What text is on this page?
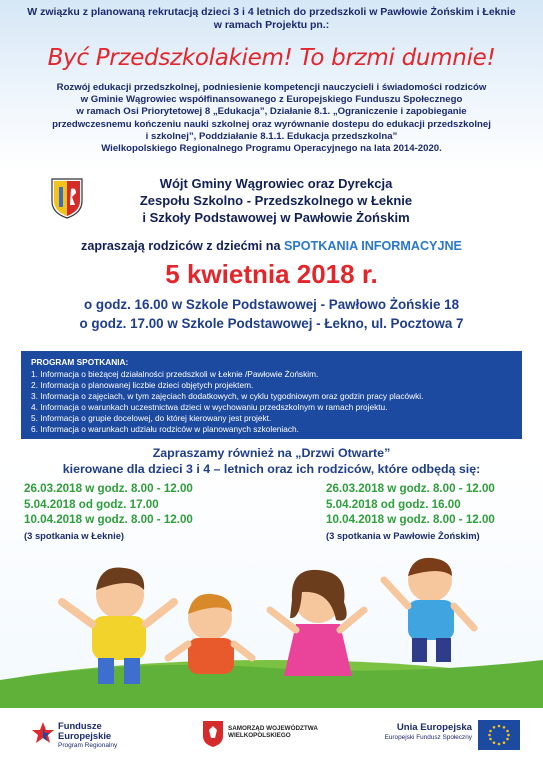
W związku z planowaną rekrutacją dzieci 3 i 4 letnich do przedszkoli w Pawłowie Żońskim i Łeknie
w ramach Projektu pn.:
Być Przedszkolakiem! To brzmi dumnie!
Rozwój edukacji przedszkolnej, podniesienie kompetencji nauczycieli i świadomości rodziców
w Gminie Wągrowiec współfinansowanego z Europejskiego Funduszu Społecznego
w ramach Osi Priorytetowej 8 „Edukacja”, Działanie 8.1. „Ograniczenie i zapobieganie
przedwczesnemu kończeniu nauki szkolnej oraz wyrównanie dostepu do edukacji przedszkolnej
i szkolnej”, Poddziałanie 8.1.1. Edukacja przedszkolna”
Wielkopolskiego Regionalnego Programu Operacyjnego na lata 2014-2020.
Wójt Gminy Wągrowiec oraz Dyrekcja
Zespołu Szkolno - Przedszkolnego w Łeknie
i Szkoły Podstawowej w Pawłowie Żońskim
zapraszają rodziców z dziećmi na SPOTKANIA INFORMACYJNE
5 kwietnia 2018 r.
o godz. 16.00 w Szkole Podstawowej - Pawłowo Żońskie 18
o godz. 17.00 w Szkole Podstawowej - Łekno, ul. Pocztowa 7
PROGRAM SPOTKANIA:
1. Informacja o bieżącej działalności przedszkoli w Łeknie /Pawłowie Żońskim.
2. Informacja o planowanej liczbie dzieci objętych projektem.
3. Informacja o zajęciach, w tym zajęciach dodatkowych, w cyklu tygodniowym oraz godzin pracy placówki.
4. Informacja o warunkach uczestnictwa dzieci w wychowaniu przedszkolnym w ramach projektu.
5. Informacja o grupie docelowej, do której kierowany jest projekt.
6. Informacja o warunkach udziału rodziców w planowanych szkoleniach.
Zapraszamy również na „Drzwi Otwarte”
kierowane dla dzieci 3 i 4 – letnich oraz ich rodziców, które odbędą się:
26.03.2018 w godz. 8.00 - 12.00
5.04.2018 od godz. 17.00
10.04.2018 w godz. 8.00 - 12.00
(3 spotkania w Łeknie)
26.03.2018 w godz. 8.00 - 12.00
5.04.2018 od godz. 16.00
10.04.2018 w godz. 8.00 - 12.00
(3 spotkania w Pawłowie Żońskim)
Fundusze
Europejskie
Program Regionalny
SAMORZĄD WOJEWÓDZTWA
WIELKOPOLSKIEGO
Unia Europejska
Europejski Fundusz Społeczny
